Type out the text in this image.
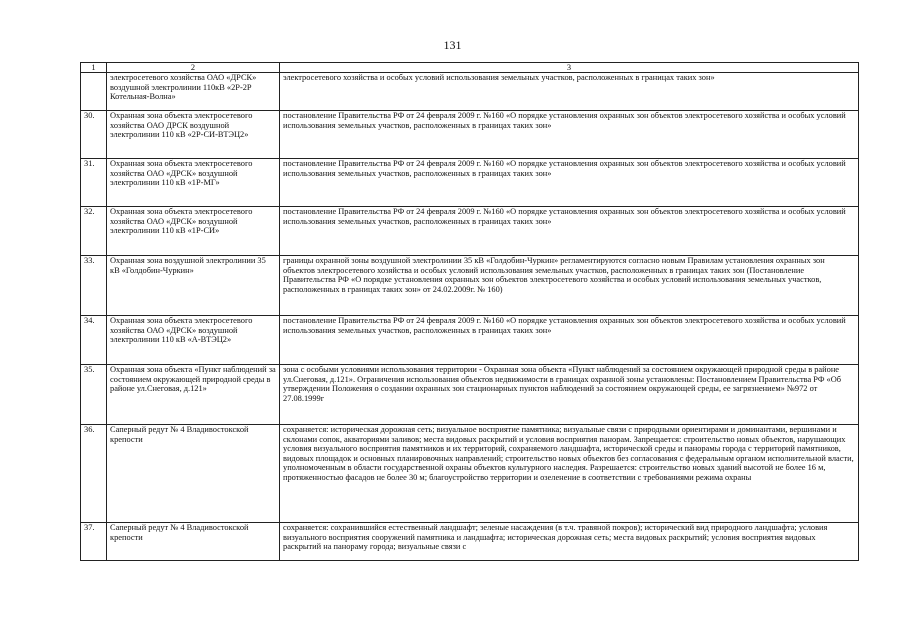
131
1	2	3
	электросетевого хозяйства ОАО «ДРСК» воздушной электролинии 110кВ «2Р-2Р Котельная-Волна»	электросетевого хозяйства и особых условий использования земельных участков, расположенных в границах таких зон»
30.	Охранная зона объекта электросетевого хозяйства ОАО ДРСК воздушной электролинии 110 кВ «2Р-СИ-ВТЭЦ2»	постановление Правительства РФ от 24 февраля 2009 г. №160 «О порядке установления охранных зон объектов электросетевого хозяйства и особых условий использования земельных участков, расположенных в границах таких зон»
31.	Охранная зона объекта электросетевого хозяйства ОАО «ДРСК» воздушной электролинии 110 кВ «1Р-МГ»	постановление Правительства РФ от 24 февраля 2009 г. №160 «О порядке установления охранных зон объектов электросетевого хозяйства и особых условий использования земельных участков, расположенных в границах таких зон»
32.	Охранная зона объекта электросетевого хозяйства ОАО «ДРСК» воздушной электролинии 110 кВ «1Р-СИ»	постановление Правительства РФ от 24 февраля 2009 г. №160 «О порядке установления охранных зон объектов электросетевого хозяйства и особых условий использования земельных участков, расположенных в границах таких зон»
33.	Охранная зона воздушной электролинии 35 кВ «Голдобин-Чуркин»	границы охранной зоны воздушной электролинии 35 кВ «Голдобин-Чуркин» регламентируются согласно новым Правилам установления охранных зон объектов электросетевого хозяйства и особых условий использования земельных участков, расположенных в границах таких зон (Постановление Правительства РФ «О порядке установления охранных зон объектов электросетевого хозяйства и особых условий использования земельных участков, расположенных в границах таких зон» от 24.02.2009г. № 160)
34.	Охранная зона объекта электросетевого хозяйства ОАО «ДРСК» воздушной электролинии 110 кВ «А-ВТЭЦ2»	постановление Правительства РФ от 24 февраля 2009 г. №160 «О порядке установления охранных зон объектов электросетевого хозяйства и особых условий использования земельных участков, расположенных в границах таких зон»
35.	Охранная зона объекта «Пункт наблюдений за состоянием окружающей природной среды в районе ул.Снеговая, д.121»	зона с особыми условиями использования территории - Охранная зона объекта «Пункт наблюдений за состоянием окружающей природной среды в районе ул.Снеговая, д.121». Ограничения использования объектов недвижимости в границах охранной зоны установлены: Постановлением Правительства РФ «Об утверждении Положения о создании охранных зон стационарных пунктов наблюдений за состоянием окружающей среды, ее загрязнением» №972 от 27.08.1999г
36.	Саперный редут № 4 Владивостокской крепости	сохраняется: историческая дорожная сеть; визуальное восприятие памятника; визуальные связи с природными ориентирами и доминантами, вершинами и склонами сопок, акваториями заливов; места видовых раскрытий и условия восприятия панорам. Запрещается: строительство новых объектов, нарушающих условия визуального восприятия памятников и их территорий, сохраняемого ландшафта, исторической среды и панорамы города с территорий памятников, видовых площадок и основных планировочных направлений; строительство новых объектов без согласования с федеральным органом исполнительной власти, уполномоченным в области государственной охраны объектов культурного наследия. Разрешается: строительство новых зданий высотой не более 16 м, протяженностью фасадов не более 30 м; благоустройство территории и озеленение в соответствии с требованиями режима охраны
37.	Саперный редут № 4 Владивостокской крепости	сохраняется: сохранившийся естественный ландшафт; зеленые насаждения (в т.ч. травяной покров); исторический вид природного ландшафта; условия визуального восприятия сооружений памятника и ландшафта; историческая дорожная сеть; места видовых раскрытий; условия восприятия видовых раскрытий на панораму города; визуальные связи с
